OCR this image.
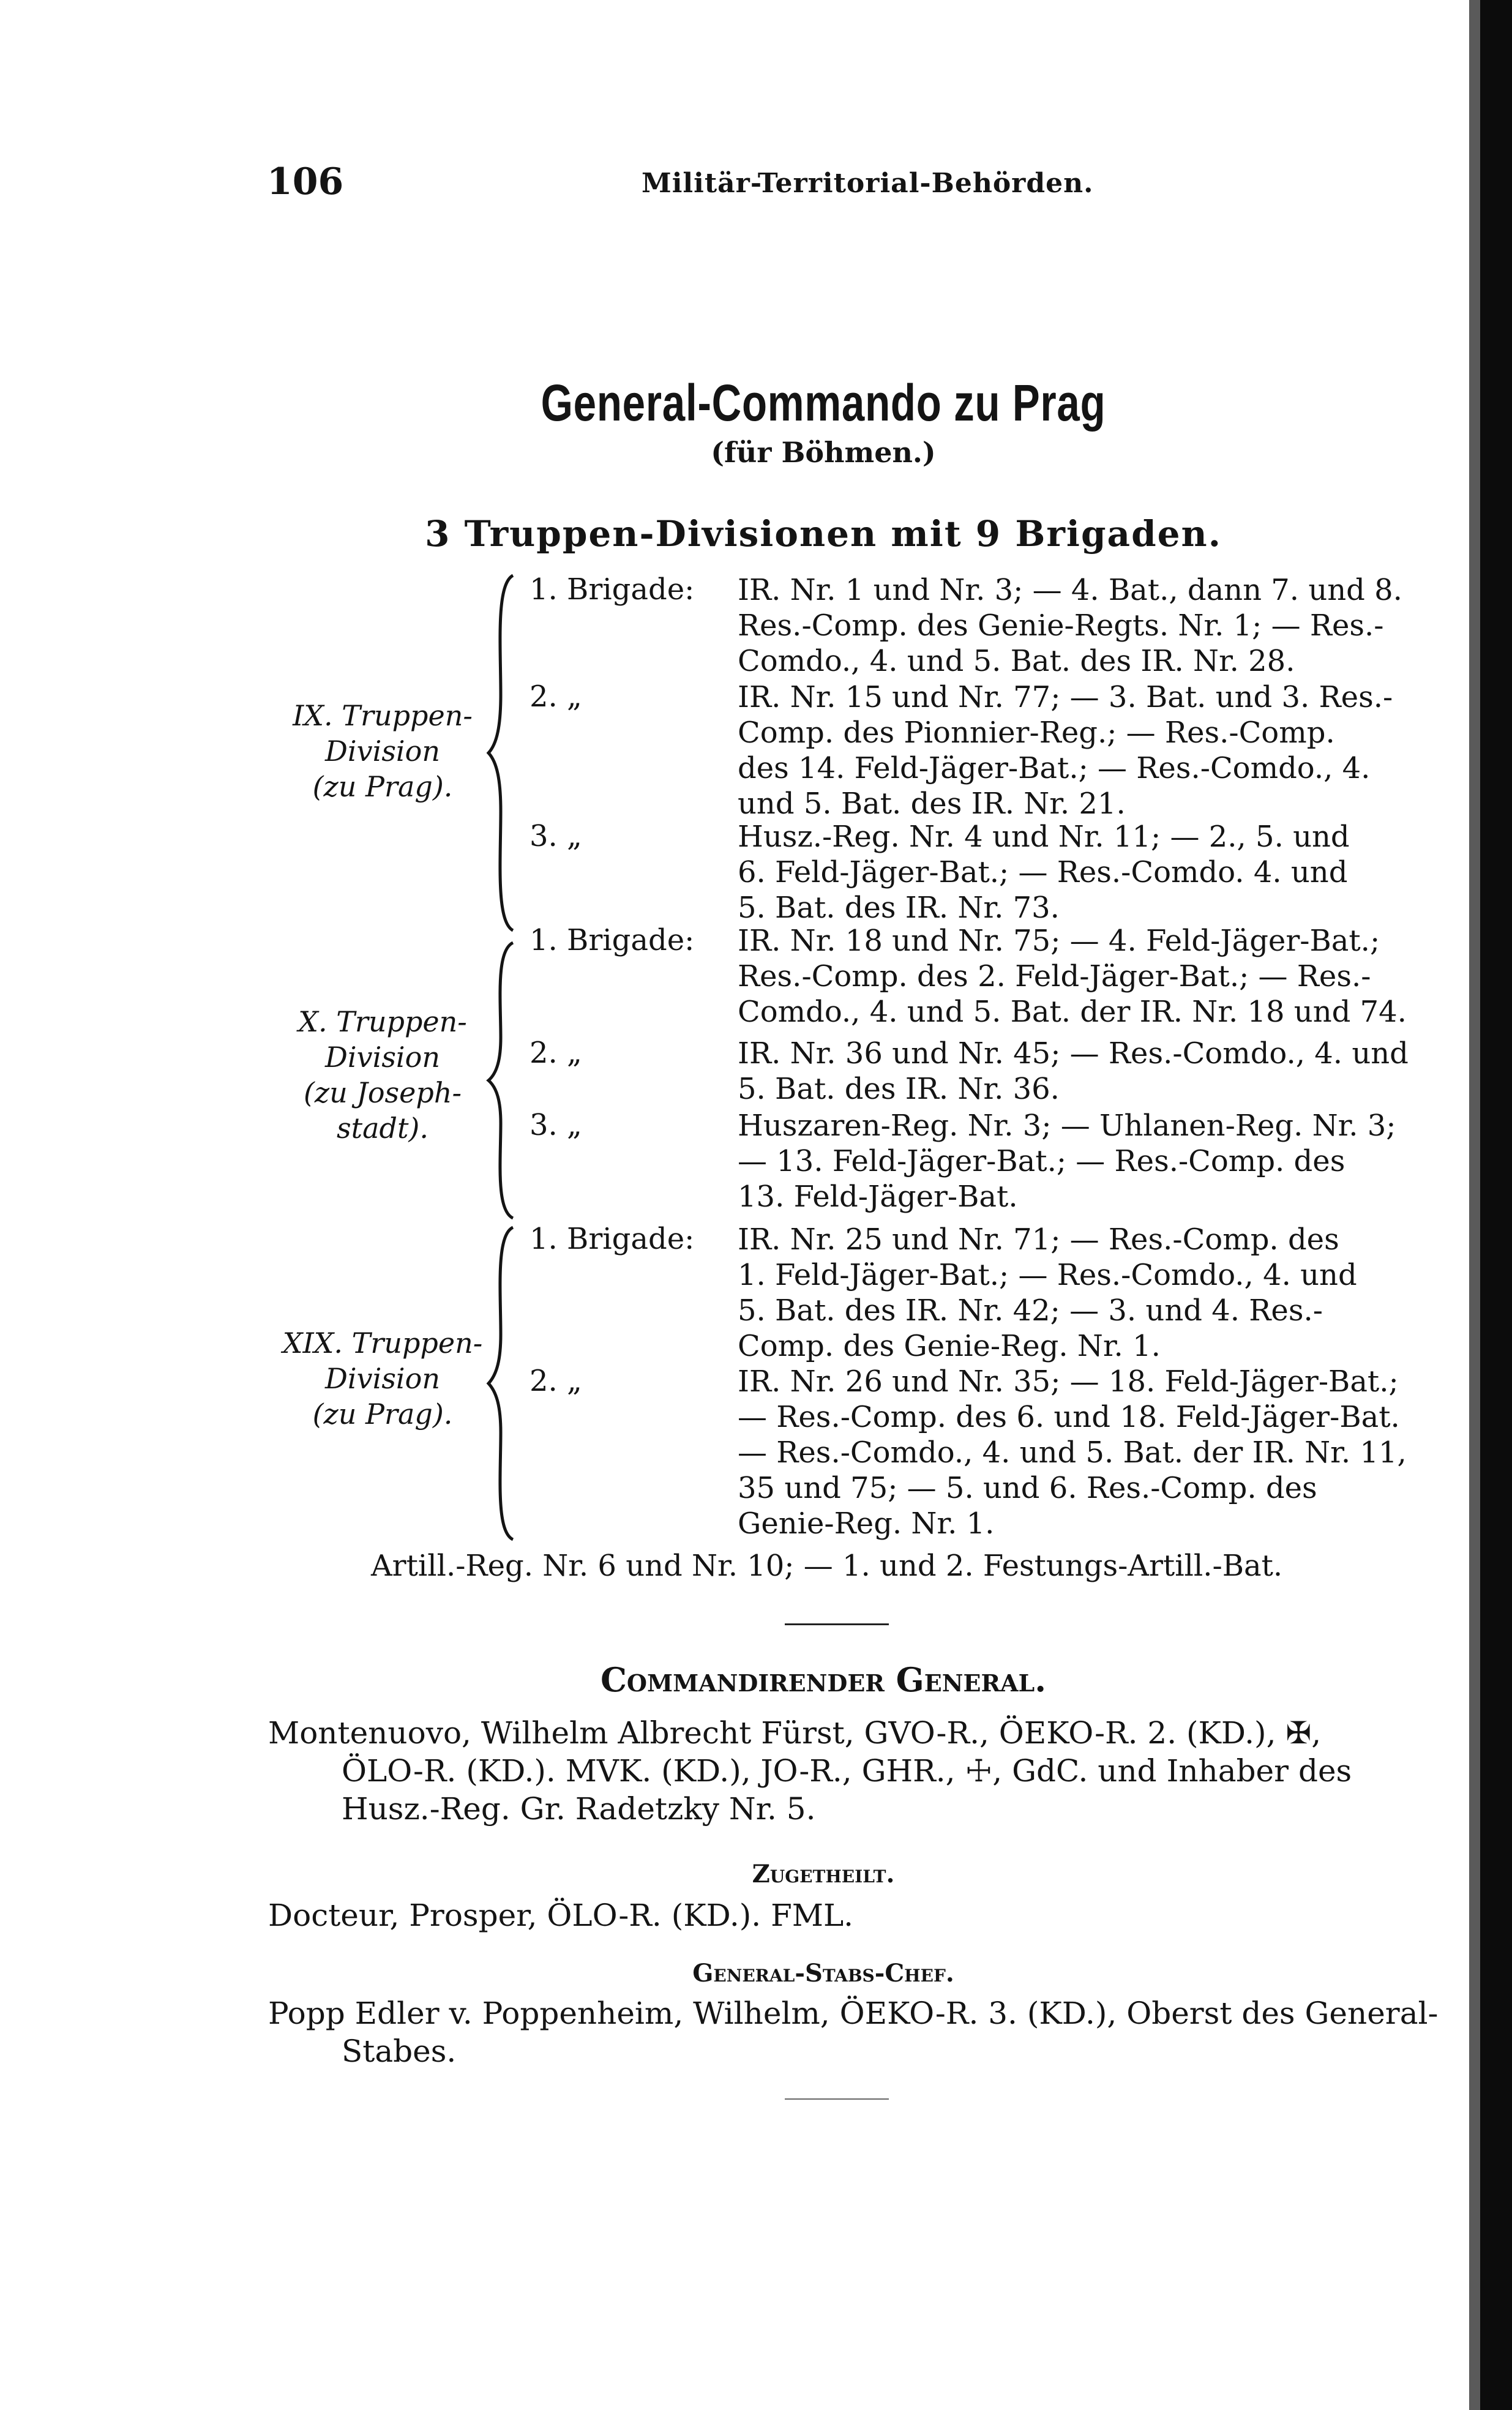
106	Militär-Territorial-Behörden.
General-Commando zu Prag
(für Böhmen.)
3 Truppen-Divisionen mit 9 Brigaden.
IX. Truppen-
Division
(zu Prag).
1. Brigade:	IR. Nr. 1 und Nr. 3; — 4. Bat., dann 7. und 8.
Res.-Comp. des Genie-Regts. Nr. 1; — Res.-
Comdo., 4. und 5. Bat. des IR. Nr. 28.
2. „	IR. Nr. 15 und Nr. 77; — 3. Bat. und 3. Res.-
Comp. des Pionnier-Reg.; — Res.-Comp.
des 14. Feld-Jäger-Bat.; — Res.-Comdo., 4.
und 5. Bat. des IR. Nr. 21.
3. „	Husz.-Reg. Nr. 4 und Nr. 11; — 2., 5. und
6. Feld-Jäger-Bat.; — Res.-Comdo. 4. und
5. Bat. des IR. Nr. 73.
X. Truppen-
Division
(zu Joseph-
stadt).
1. Brigade:	IR. Nr. 18 und Nr. 75; — 4. Feld-Jäger-Bat.;
Res.-Comp. des 2. Feld-Jäger-Bat.; — Res.-
Comdo., 4. und 5. Bat. der IR. Nr. 18 und 74.
2. „	IR. Nr. 36 und Nr. 45; — Res.-Comdo., 4. und
5. Bat. des IR. Nr. 36.
3. „	Huszaren-Reg. Nr. 3; — Uhlanen-Reg. Nr. 3;
— 13. Feld-Jäger-Bat.; — Res.-Comp. des
13. Feld-Jäger-Bat.
XIX. Truppen-
Division
(zu Prag).
1. Brigade:	IR. Nr. 25 und Nr. 71; — Res.-Comp. des
1. Feld-Jäger-Bat.; — Res.-Comdo., 4. und
5. Bat. des IR. Nr. 42; — 3. und 4. Res.-
Comp. des Genie-Reg. Nr. 1.
2. „	IR. Nr. 26 und Nr. 35; — 18. Feld-Jäger-Bat.;
— Res.-Comp. des 6. und 18. Feld-Jäger-Bat.
— Res.-Comdo., 4. und 5. Bat. der IR. Nr. 11,
35 und 75; — 5. und 6. Res.-Comp. des
Genie-Reg. Nr. 1.
Artill.-Reg. Nr. 6 und Nr. 10; — 1. und 2. Festungs-Artill.-Bat.
Commandirender General.
Montenuovo, Wilhelm Albrecht Fürst, GVO-R., ÖEKO-R. 2. (KD.), ✠,
ÖLO-R. (KD.). MVK. (KD.), JO-R., GHR., ☩, GdC. und Inhaber des
Husz.-Reg. Gr. Radetzky Nr. 5.
Zugetheilt.
Docteur, Prosper, ÖLO-R. (KD.). FML.
General-Stabs-Chef.
Popp Edler v. Poppenheim, Wilhelm, ÖEKO-R. 3. (KD.), Oberst des General-
Stabes.
